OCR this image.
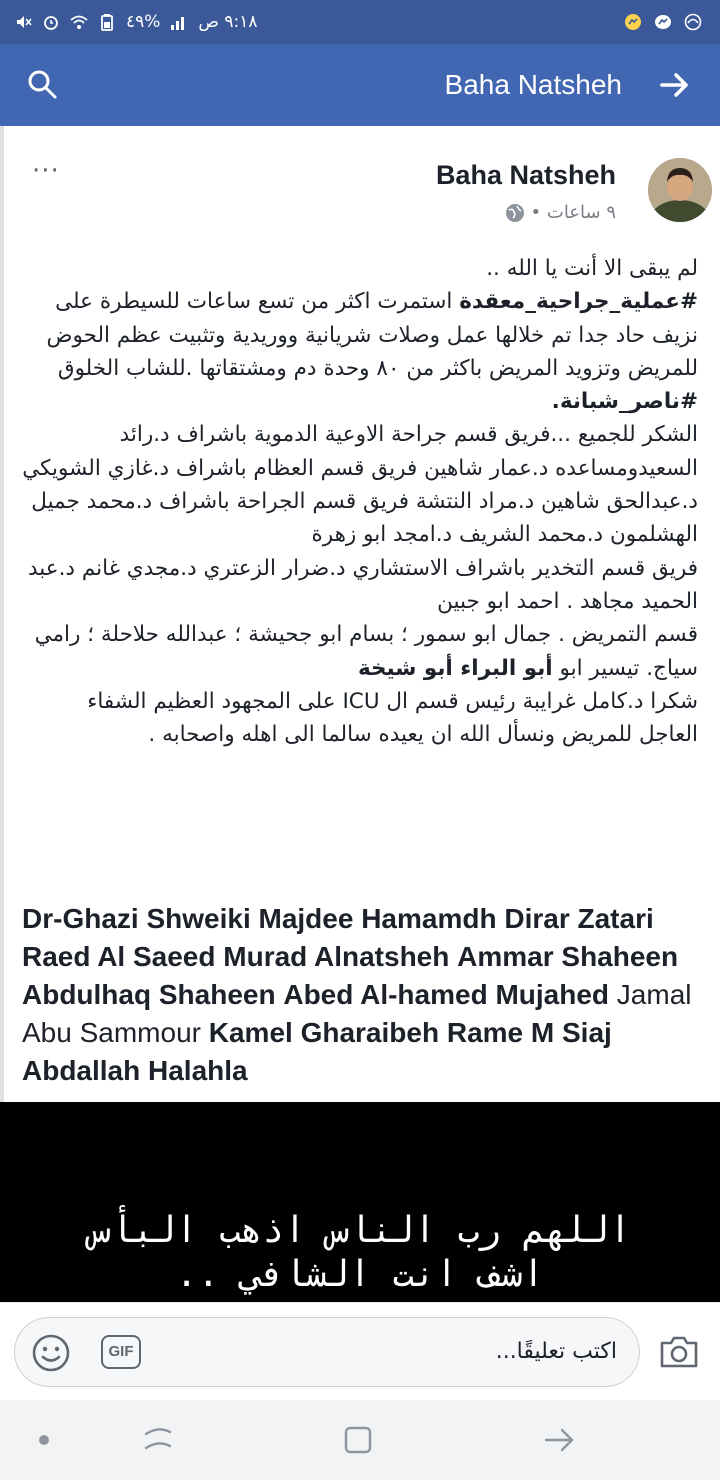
٩:١٨ ص
%٤٩
Baha Natsheh
Baha Natsheh
٩ ساعات •
···

لم يبقى الا أنت يا الله ..

#عملية_جراحية_معقدة استمرت اكثر من تسع ساعات للسيطرة على نزيف حاد جدا تم خلالها عمل وصلات شريانية ووريدية وتثبيت عظم الحوض للمريض وتزويد المريض باكثر من ٨٠ وحدة دم ومشتقاتها .للشاب الخلوق #ناصر_شبانة.

الشكر للجميع ...فريق قسم جراحة الاوعية الدموية باشراف د.رائد السعيدومساعده د.عمار شاهين فريق قسم العظام باشراف د.غازي الشويكي د.عبدالحق شاهين د.مراد النتشة فريق قسم الجراحة باشراف د.محمد جميل الهشلمون د.محمد الشريف د.امجد ابو زهرة

فريق قسم التخدير باشراف الاستشاري د.ضرار الزعتري د.مجدي غانم د.عبد الحميد مجاهد . احمد ابو جبين

قسم التمريض . جمال ابو سمور ؛ بسام ابو جحيشة ؛ عبدالله حلاحلة ؛ رامي سياج. تيسير ابو أبو البراء أبو شيخة

شكرا د.كامل غرايبة رئيس قسم ال ICU على المجهود العظيم الشفاء العاجل للمريض ونسأل الله ان يعيده سالما الى اهله واصحابه .

Dr-Ghazi Shweiki Majdee Hamamdh Dirar Zatari Raed Al Saeed Murad Alnatsheh Ammar Shaheen Abdulhaq Shaheen Abed Al-hamed Mujahed Jamal Abu Sammour Kamel Gharaibeh Rame M Siaj Abdallah Halahla
اللهم رب الناس اذهب البأس
اشف انت الشافي ..
اكتب تعليقًا...
GIF
